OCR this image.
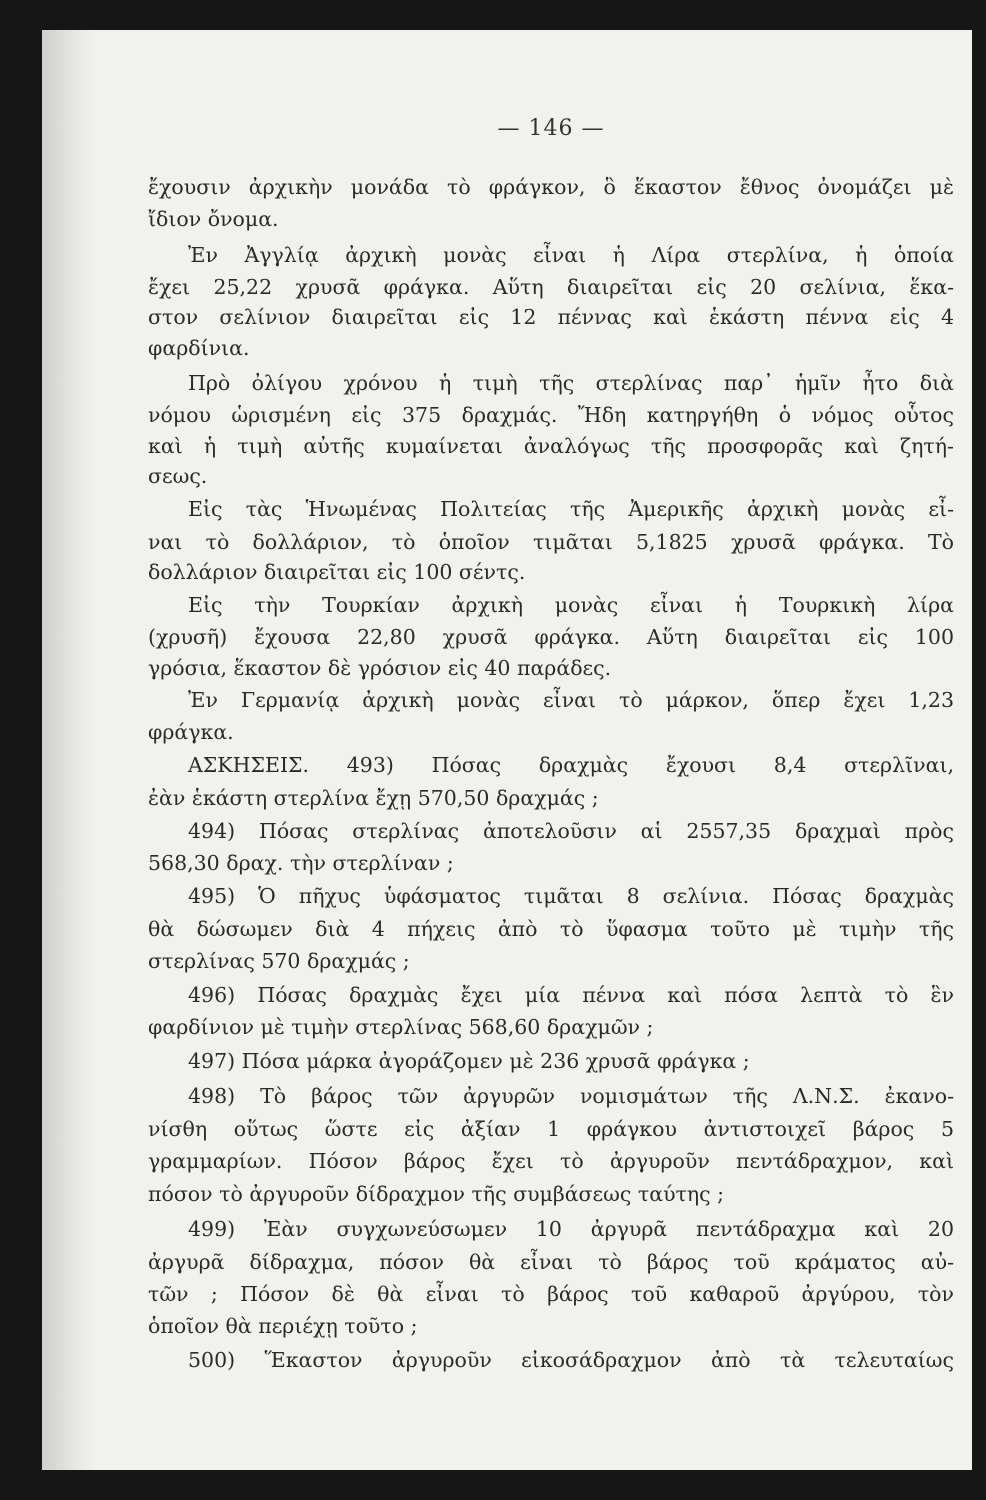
— 146 —
ἔχουσιν ἀρχικὴν μονάδα τὸ φράγκον, ὃ ἕκαστον ἔθνος ὀνομάζει μὲ
ἴδιον ὄνομα.
Ἐν Ἀγγλίᾳ ἀρχικὴ μονὰς εἶναι ἡ Λίρα στερλίνα, ἡ ὁποία
ἔχει 25,22 χρυσᾶ φράγκα. Αὕτη διαιρεῖται εἰς 20 σελίνια, ἕκα-
στον σελίνιον διαιρεῖται εἰς 12 πέννας καὶ ἑκάστη πέννα εἰς 4
φαρδίνια.
Πρὸ ὀλίγου χρόνου ἡ τιμὴ τῆς στερλίνας παρ᾽ ἡμῖν ἦτο διὰ
νόμου ὡρισμένη εἰς 375 δραχμάς. Ἤδη κατηργήθη ὁ νόμος οὗτος
καὶ ἡ τιμὴ αὐτῆς κυμαίνεται ἀναλόγως τῆς προσφορᾶς καὶ ζητή-
σεως.
Εἰς τὰς Ἡνωμένας Πολιτείας τῆς Ἀμερικῆς ἀρχικὴ μονὰς εἶ-
ναι τὸ δολλάριον, τὸ ὁποῖον τιμᾶται 5,1825 χρυσᾶ φράγκα. Τὸ
δολλάριον διαιρεῖται εἰς 100 σέντς.
Εἰς τὴν Τουρκίαν ἀρχικὴ μονὰς εἶναι ἡ Τουρκικὴ λίρα
(χρυσῆ) ἔχουσα 22,80 χρυσᾶ φράγκα. Αὕτη διαιρεῖται εἰς 100
γρόσια, ἕκαστον δὲ γρόσιον εἰς 40 παράδες.
Ἐν Γερμανίᾳ ἀρχικὴ μονὰς εἶναι τὸ μάρκον, ὅπερ ἔχει 1,23
φράγκα.
ΑΣΚΗΣΕΙΣ. 493) Πόσας δραχμὰς ἔχουσι 8,4 στερλῖναι,
ἐὰν ἑκάστη στερλίνα ἔχῃ 570,50 δραχμάς ;
494) Πόσας στερλίνας ἀποτελοῦσιν αἱ 2557,35 δραχμαὶ πρὸς
568,30 δραχ. τὴν στερλίναν ;
495) Ὁ πῆχυς ὑφάσματος τιμᾶται 8 σελίνια. Πόσας δραχμὰς
θὰ δώσωμεν διὰ 4 πήχεις ἀπὸ τὸ ὕφασμα τοῦτο μὲ τιμὴν τῆς
στερλίνας 570 δραχμάς ;
496) Πόσας δραχμὰς ἔχει μία πέννα καὶ πόσα λεπτὰ τὸ ἓν
φαρδίνιον μὲ τιμὴν στερλίνας 568,60 δραχμῶν ;
497) Πόσα μάρκα ἀγοράζομεν μὲ 236 χρυσᾶ φράγκα ;
498) Τὸ βάρος τῶν ἀργυρῶν νομισμάτων τῆς Λ.Ν.Σ. ἐκανο-
νίσθη οὕτως ὥστε εἰς ἀξίαν 1 φράγκου ἀντιστοιχεῖ βάρος 5
γραμμαρίων. Πόσον βάρος ἔχει τὸ ἀργυροῦν πεντάδραχμον, καὶ
πόσον τὸ ἀργυροῦν δίδραχμον τῆς συμβάσεως ταύτης ;
499) Ἐὰν συγχωνεύσωμεν 10 ἀργυρᾶ πεντάδραχμα καὶ 20
ἀργυρᾶ δίδραχμα, πόσον θὰ εἶναι τὸ βάρος τοῦ κράματος αὐ-
τῶν ; Πόσον δὲ θὰ εἶναι τὸ βάρος τοῦ καθαροῦ ἀργύρου, τὸν
ὁποῖον θὰ περιέχῃ τοῦτο ;
500) Ἕκαστον ἀργυροῦν εἰκοσάδραχμον ἀπὸ τὰ τελευταίως
